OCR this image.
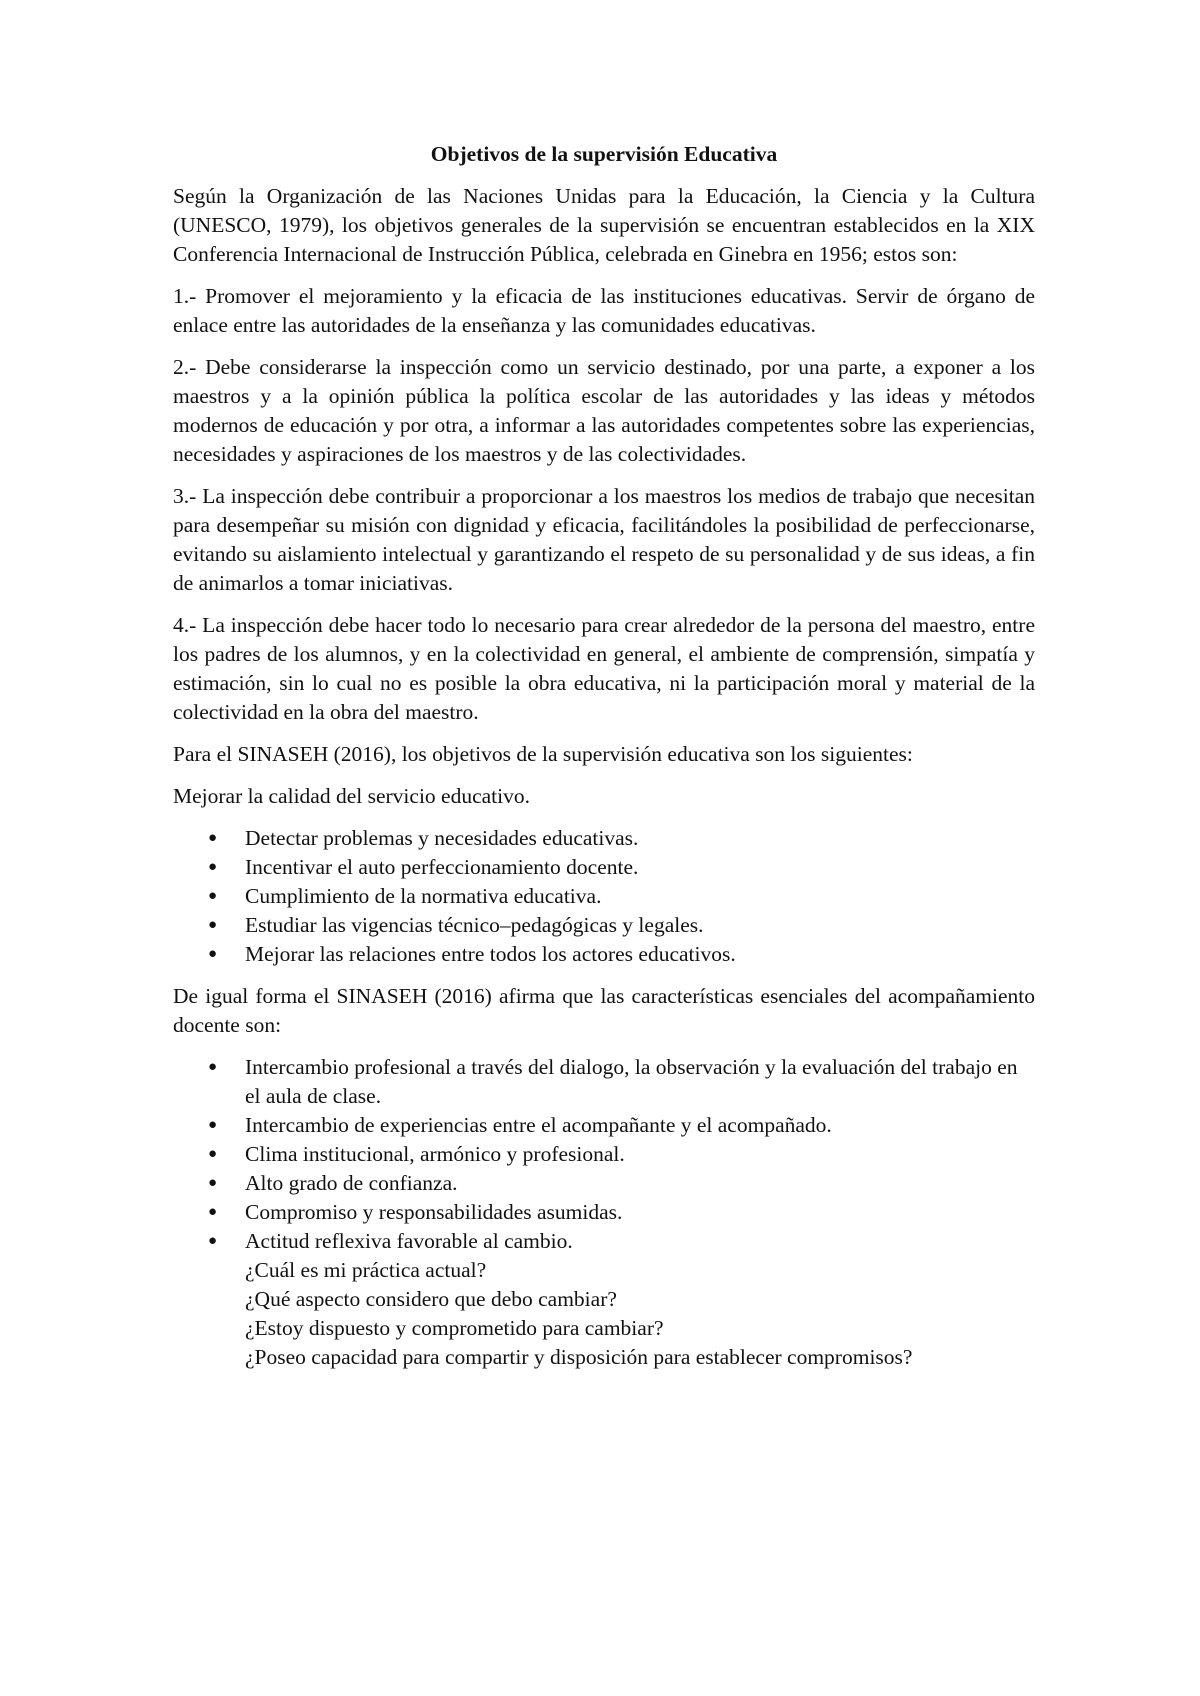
Objetivos de la supervisión Educativa

Según la Organización de las Naciones Unidas para la Educación, la Ciencia y la Cultura (UNESCO, 1979), los objetivos generales de la supervisión se encuentran establecidos en la XIX Conferencia Internacional de Instrucción Pública, celebrada en Ginebra en 1956; estos son:

1.- Promover el mejoramiento y la eficacia de las instituciones educativas. Servir de órgano de enlace entre las autoridades de la enseñanza y las comunidades educativas.

2.- Debe considerarse la inspección como un servicio destinado, por una parte, a exponer a los maestros y a la opinión pública la política escolar de las autoridades y las ideas y métodos modernos de educación y por otra, a informar a las autoridades competentes sobre las experiencias, necesidades y aspiraciones de los maestros y de las colectividades.

3.- La inspección debe contribuir a proporcionar a los maestros los medios de trabajo que necesitan para desempeñar su misión con dignidad y eficacia, facilitándoles la posibilidad de perfeccionarse, evitando su aislamiento intelectual y garantizando el respeto de su personalidad y de sus ideas, a fin de animarlos a tomar iniciativas.

4.- La inspección debe hacer todo lo necesario para crear alrededor de la persona del maestro, entre los padres de los alumnos, y en la colectividad en general, el ambiente de comprensión, simpatía y estimación, sin lo cual no es posible la obra educativa, ni la participación moral y material de la colectividad en la obra del maestro.

Para el SINASEH (2016), los objetivos de la supervisión educativa son los siguientes:

Mejorar la calidad del servicio educativo.

● Detectar problemas y necesidades educativas.
● Incentivar el auto perfeccionamiento docente.
● Cumplimiento de la normativa educativa.
● Estudiar las vigencias técnico–pedagógicas y legales.
● Mejorar las relaciones entre todos los actores educativos.

De igual forma el SINASEH (2016) afirma que las características esenciales del acompañamiento docente son:

● Intercambio profesional a través del dialogo, la observación y la evaluación del trabajo en el aula de clase.
● Intercambio de experiencias entre el acompañante y el acompañado.
● Clima institucional, armónico y profesional.
● Alto grado de confianza.
● Compromiso y responsabilidades asumidas.
● Actitud reflexiva favorable al cambio.
¿Cuál es mi práctica actual?
¿Qué aspecto considero que debo cambiar?
¿Estoy dispuesto y comprometido para cambiar?
¿Poseo capacidad para compartir y disposición para establecer compromisos?
